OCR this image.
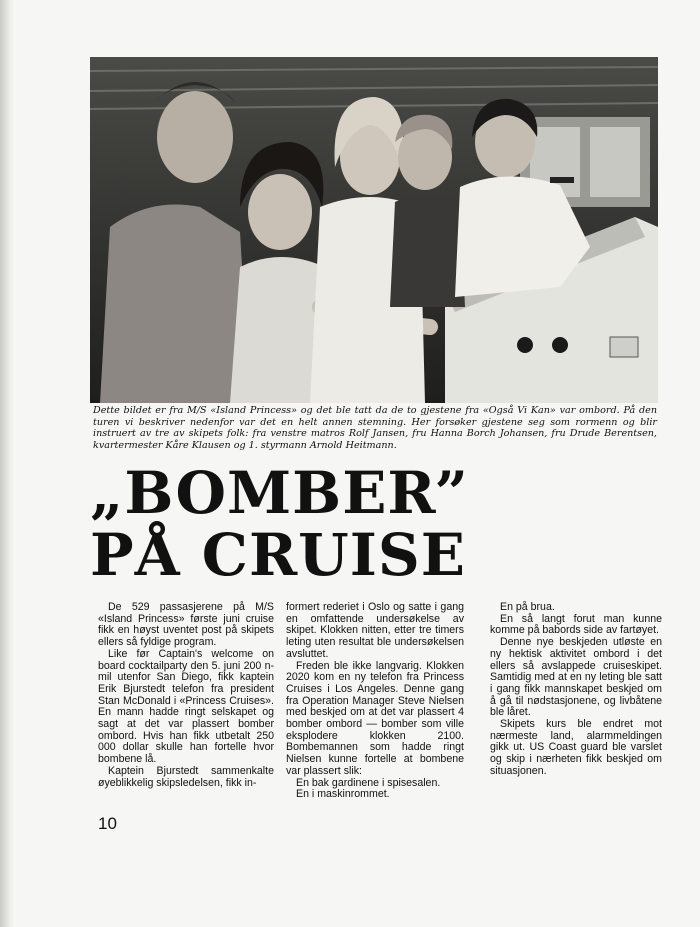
Dette bildet er fra M/S «Island Princess» og det ble tatt da de to gjestene fra «Også Vi Kan» var ombord. På den turen vi beskriver nedenfor var det en helt annen stemning. Her forsøker gjestene seg som rormenn og blir instruert av tre av skipets folk: fra venstre matros Rolf Jansen, fru Hanna Borch Johansen, fru Drude Berentsen, kvartermester Kåre Klausen og 1. styrmann Arnold Heitmann.

„BOMBER”
PÅ CRUISE

De 529 passasjerene på M/S «Island Princess» første juni cruise fikk en høyst uventet post på skipets ellers så fyldige program.

Like før Captain's welcome on board cocktailparty den 5. juni 200 n-mil utenfor San Diego, fikk kaptein Erik Bjurstedt telefon fra president Stan McDonald i «Princess Cruises». En mann hadde ringt selskapet og sagt at det var plassert bomber ombord. Hvis han fikk utbetalt 250 000 dollar skulle han fortelle hvor bombene lå.

Kaptein Bjurstedt sammenkalte øyeblikkelig skipsledelsen, fikk in-

formert rederiet i Oslo og satte i gang en omfattende undersøkelse av skipet. Klokken nitten, etter tre timers leting uten resultat ble undersøkelsen avsluttet.

Freden ble ikke langvarig. Klokken 2020 kom en ny telefon fra Princess Cruises i Los Angeles. Denne gang fra Operation Manager Steve Nielsen med beskjed om at det var plassert 4 bomber ombord — bomber som ville eksplodere klokken 2100. Bombemannen som hadde ringt Nielsen kunne fortelle at bombene var plassert slik:

En bak gardinene i spisesalen.

En i maskinrommet.

En på brua.

En så langt forut man kunne komme på babords side av fartøyet.

Denne nye beskjeden utløste en ny hektisk aktivitet ombord i det ellers så avslappede cruiseskipet. Samtidig med at en ny leting ble satt i gang fikk mannskapet beskjed om å gå til nødstasjonene, og livbåtene ble låret.

Skipets kurs ble endret mot nærmeste land, alarmmeldingen gikk ut. US Coast guard ble varslet og skip i nærheten fikk beskjed om situasjonen.

10
